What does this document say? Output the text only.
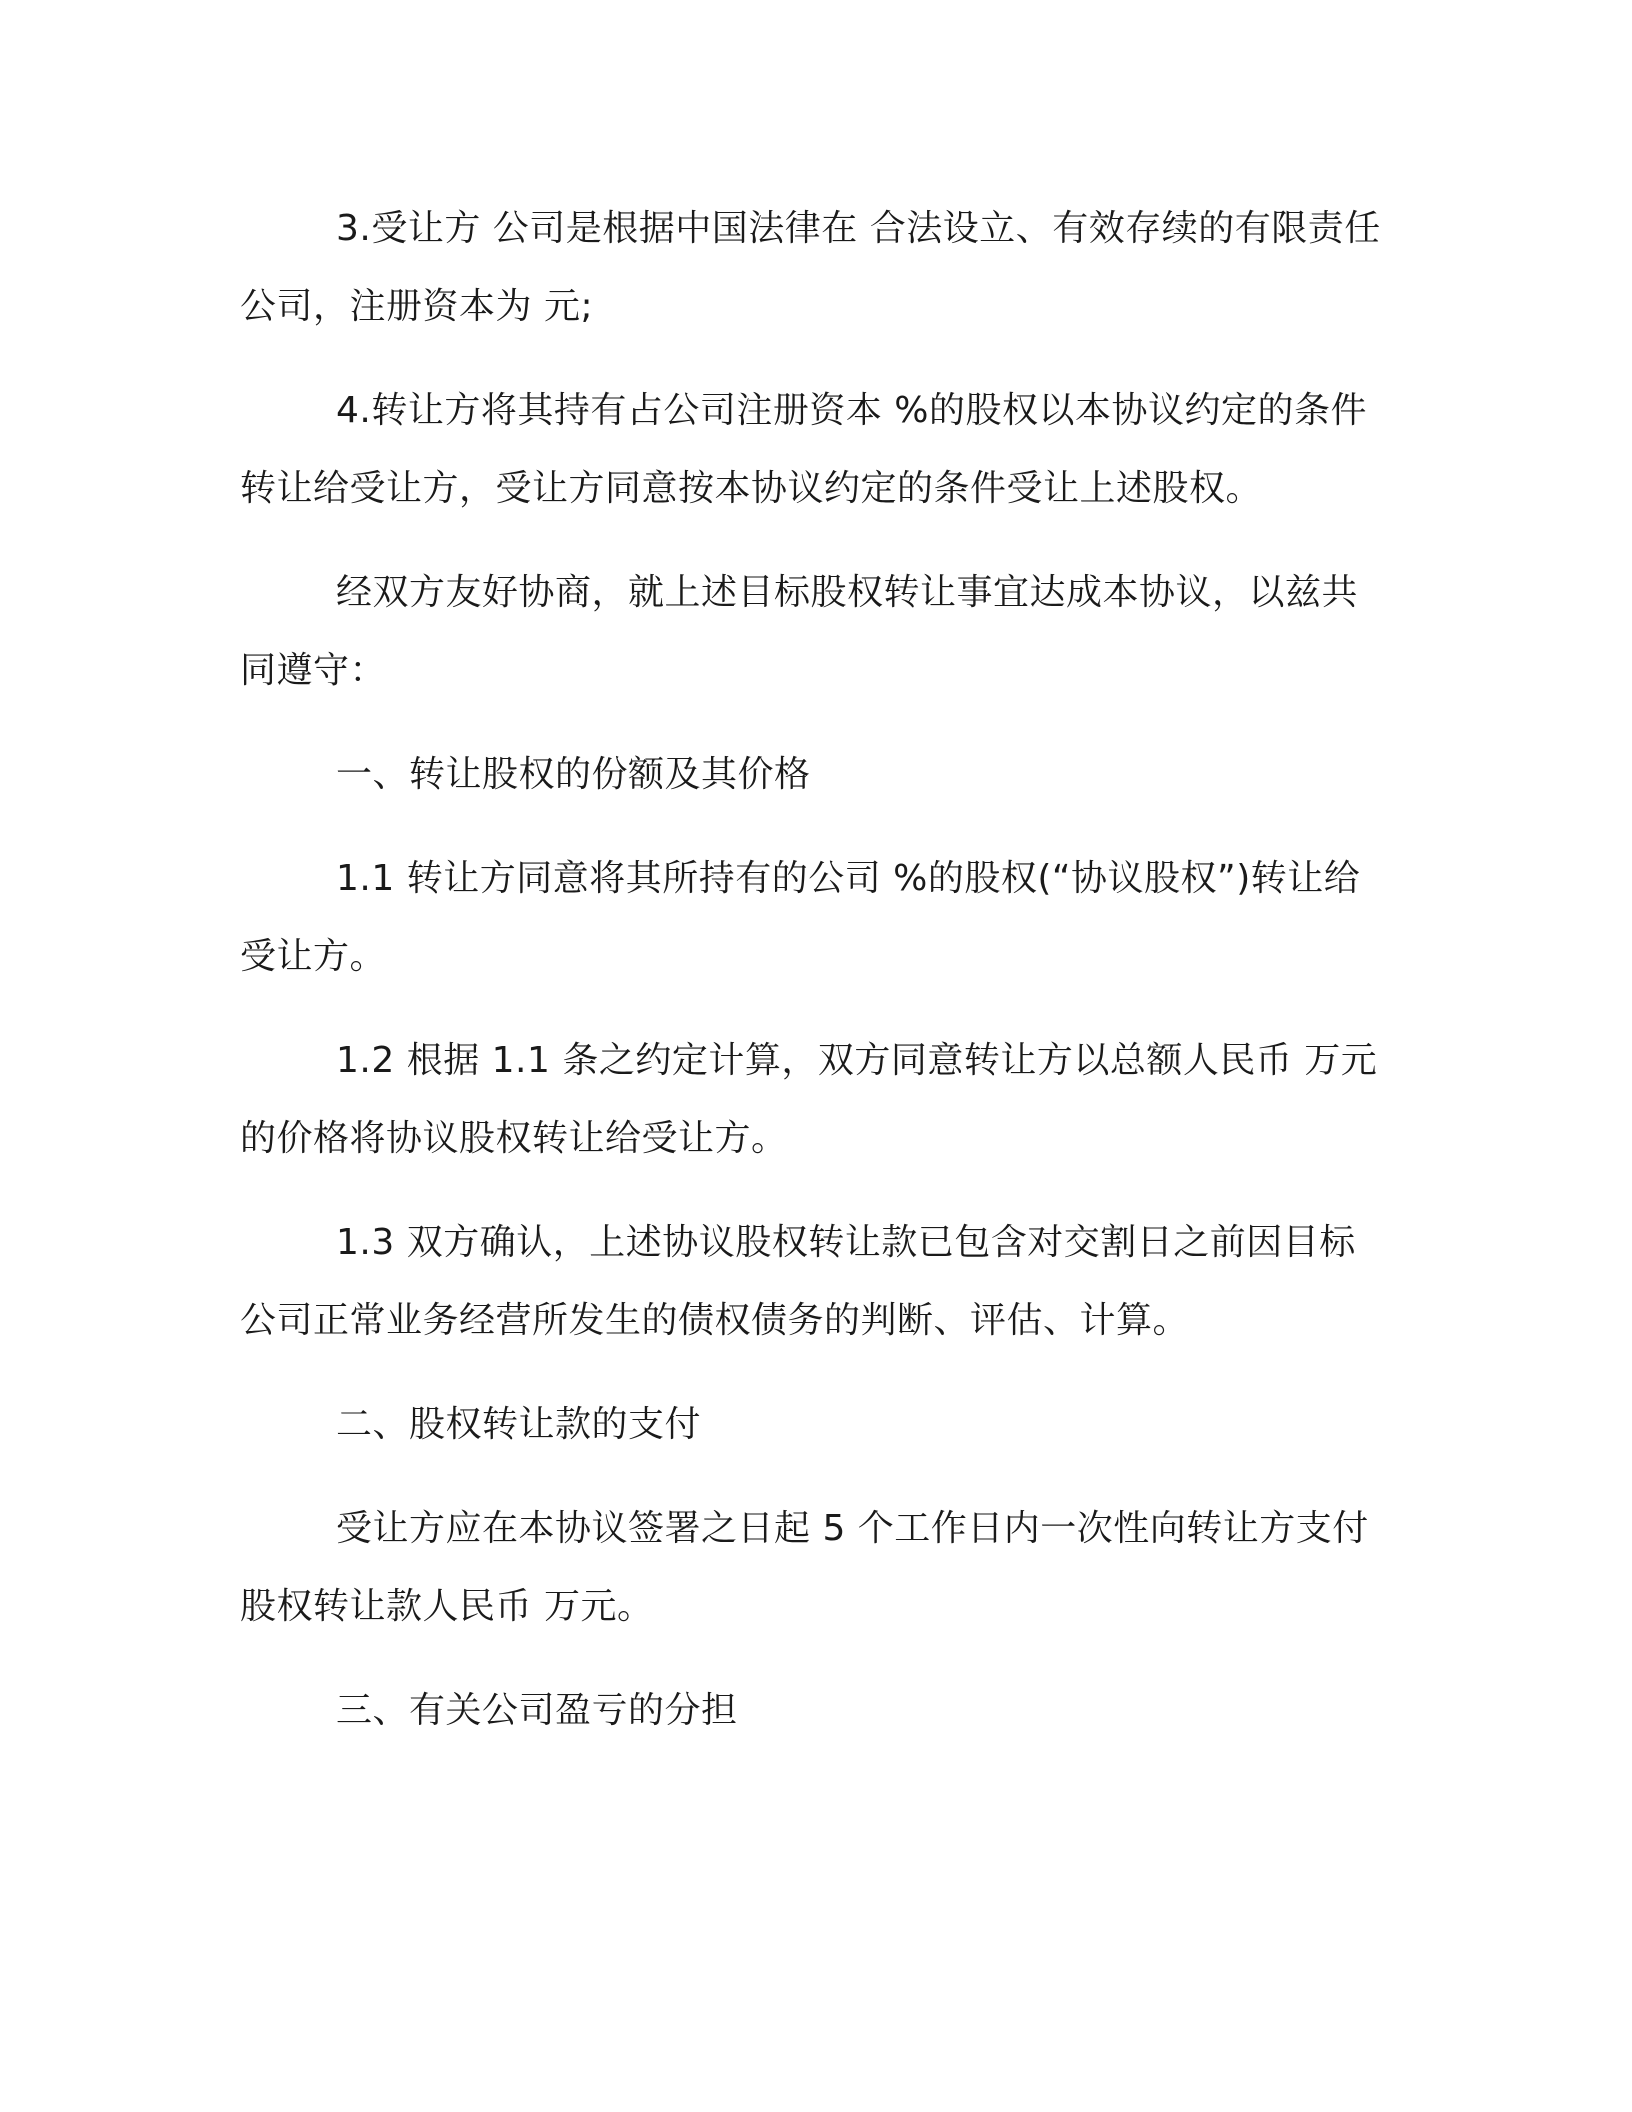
3.受让方 公司是根据中国法律在 合法设立、有效存续的有限责任公司，注册资本为 元;

4.转让方将其持有占公司注册资本 %的股权以本协议约定的条件转让给受让方，受让方同意按本协议约定的条件受让上述股权。

经双方友好协商，就上述目标股权转让事宜达成本协议，以兹共同遵守：

一、转让股权的份额及其价格

1.1 转让方同意将其所持有的公司 %的股权(“协议股权”)转让给受让方。

1.2 根据 1.1 条之约定计算，双方同意转让方以总额人民币 万元的价格将协议股权转让给受让方。

1.3 双方确认，上述协议股权转让款已包含对交割日之前因目标公司正常业务经营所发生的债权债务的判断、评估、计算。

二、股权转让款的支付

受让方应在本协议签署之日起 5 个工作日内一次性向转让方支付股权转让款人民币 万元。

三、有关公司盈亏的分担
